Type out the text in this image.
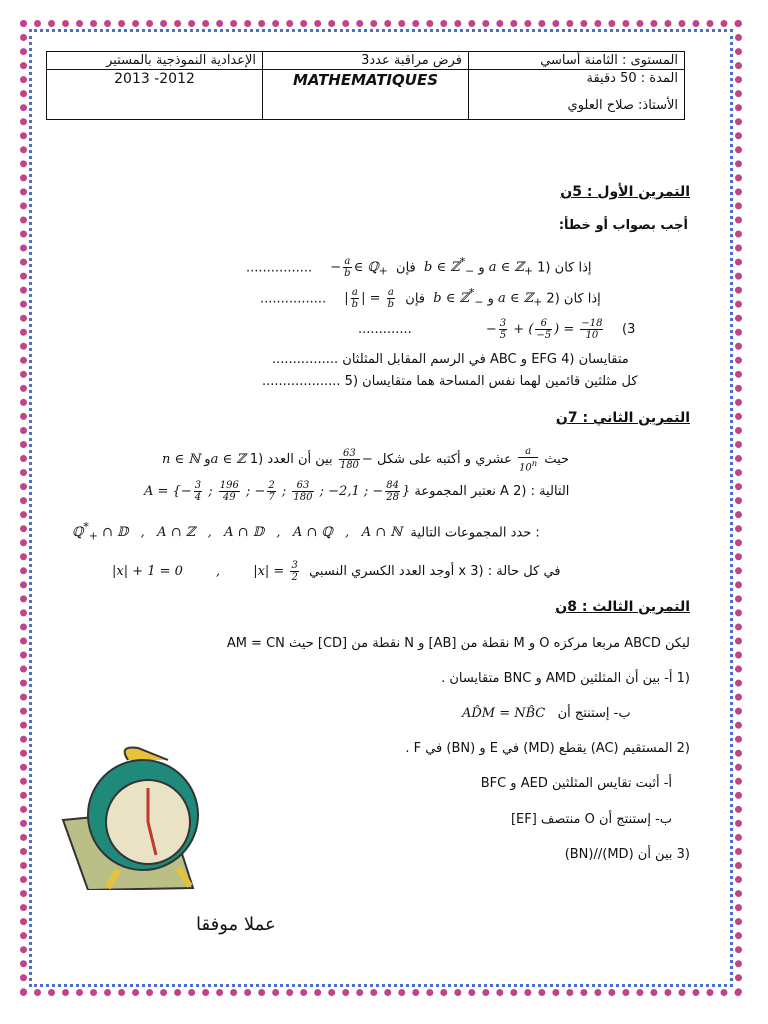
الإعدادية النموذجية بالمستير	فرض مراقبة عدد3	المستوى : الثامنة أساسي
2013 -2012	MATHEMATIQUES	المدة : 50 دقيقة
الأستاذ: صلاح العلوي
التمرين الأول : 5ن
أجب بصواب أو خطأ:
................ − $\frac{a}{b}$ ∈ ℚ$_+$  فإن  b ∈ ℤ*$_-$ و a ∈ ℤ$_+$ إذا كان (1
................ | $\frac{a}{b}$ | = $\frac{a}{b}$ فإن  b ∈ ℤ*$_-$ و a ∈ ℤ$_+$ إذا كان (2
.............	− $\frac{3}{5}$ + ( $\frac{6}{-5}$ ) = $\frac{-18}{10} (3$
................ في الرسم المقابل المثلثان ABC و EFG متقايسان (4
................... كل مثلثين قائمين لهما نفس المساحة هما متقايسان (5
التمرين الثاني : 7ن
n ∈ ℕ وa ∈ ℤ	حيث
$\frac{a}{10^n}$
عشري و أكتبه على شكل −
$\frac{63}{180}$
بين أن العدد (1
A = {− $\frac{3}{4}$ ; $\frac{196}{49}$ ; − $\frac{2}{7}$ ; $\frac{63}{180}$ ; −2,1 ; − $\frac{84}{28}$ } نعتبر المجموعة A التالية : (2
ℚ*$_+$ ∩ 𝔻   ,   A ∩ ℤ   ,   A ∩ 𝔻   ,   A ∩ ℚ   ,   A ∩ ℕ حدد المجموعات التالية :
|x| + 1 = 0        ,        $|x| = \frac{3}{2}$ أوجد العدد الكسري النسبي x في كل حالة : (3
التمرين الثالث : 8ن
ليكن ABCD مربعا مركزه O و M نقطة من [AB] و N نقطة من [CD] حيث AM = CN
(1 أ- بين أن المثلثين AMD و BNC متقايسان .
AD̂M = NB̂C ب- إستنتج أن
(2 المستقيم (AC) يقطع (MD) في E و (BN) في F .
أ- أثبت تقايس المثلثين AED و BFC
ب- إستنتج أن O منتصف [EF]
(3 بين أن (MD)//(BN)
عملا موفقا
